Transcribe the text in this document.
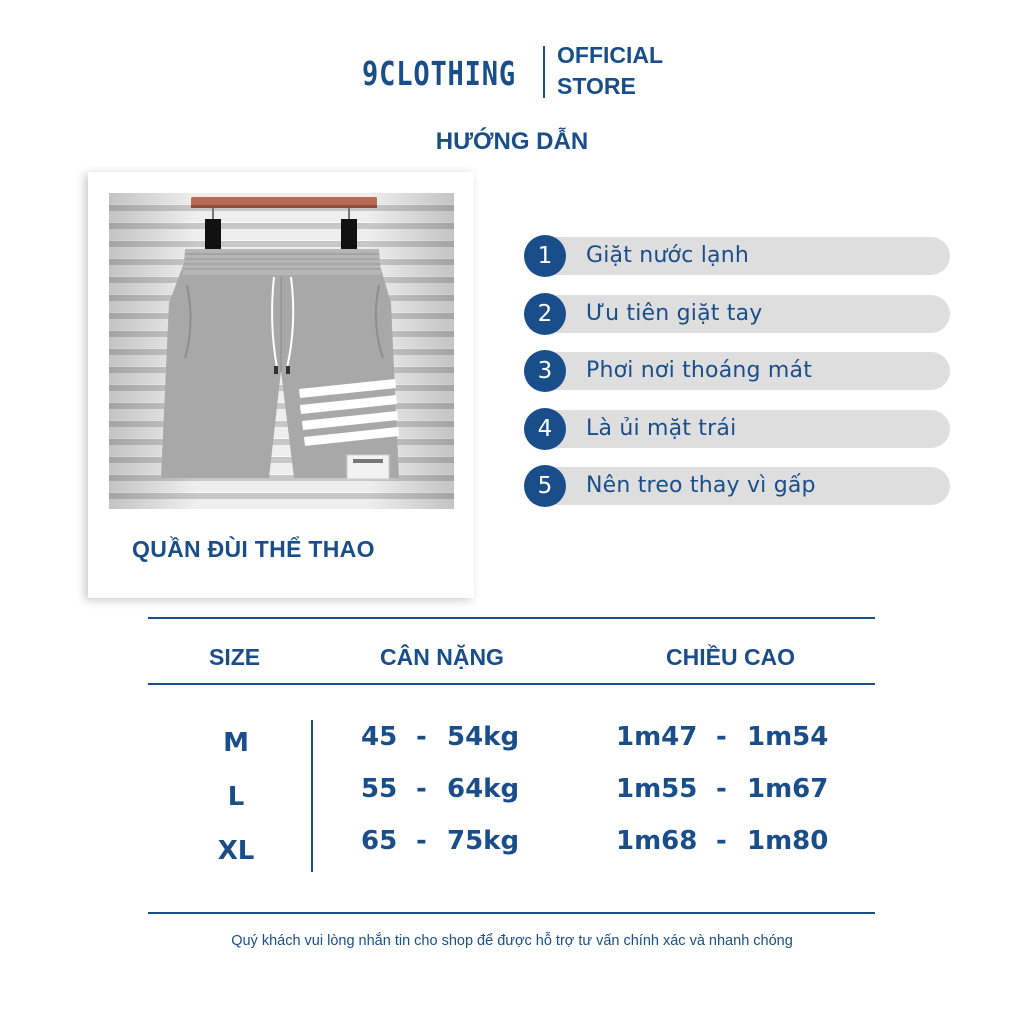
9CLOTHING OFFICIAL
STORE
HƯỚNG DẪN
QUẦN ĐÙI THỂ THAO
1	Giặt nước lạnh
2	Ưu tiên giặt tay
3	Phơi nơi thoáng mát
4	Là ủi mặt trái
5	Nên treo thay vì gấp
SIZE	CÂN NẶNG	CHIỀU CAO
M	45 - 54kg	1m47 - 1m54
L	55 - 64kg	1m55 - 1m67
XL	65 - 75kg	1m68 - 1m80
Quý khách vui lòng nhắn tin cho shop để được hỗ trợ tư vấn chính xác và nhanh chóng
